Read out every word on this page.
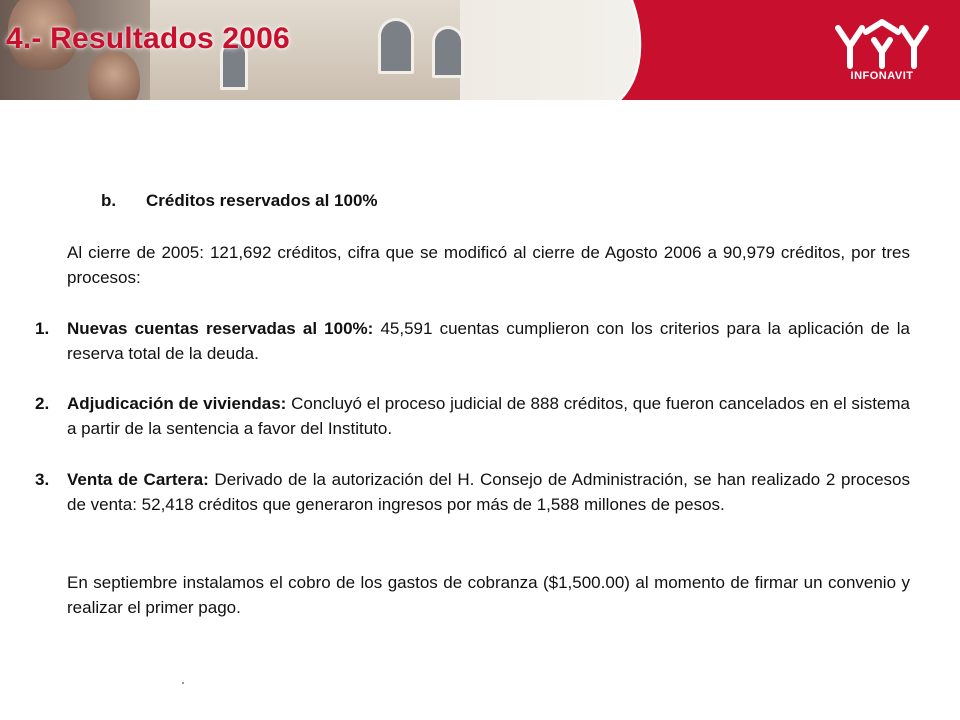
4.- Resultados 2006
INFONAVIT
b. Créditos reservados al 100%

Al cierre de 2005: 121,692 créditos, cifra que se modificó al cierre de Agosto 2006 a 90,979 créditos, por tres procesos:

1.	Nuevas cuentas reservadas al 100%: 45,591 cuentas cumplieron con los criterios para la aplicación de la reserva total de la deuda.
2.	Adjudicación de viviendas: Concluyó el proceso judicial de 888 créditos, que fueron cancelados en el sistema a partir de la sentencia a favor del Instituto.
3.	Venta de Cartera: Derivado de la autorización del H. Consejo de Administración, se han realizado 2 procesos de venta: 52,418 créditos que generaron ingresos por más de 1,588 millones de pesos.

En septiembre instalamos el cobro de los gastos de cobranza ($1,500.00) al momento de firmar un convenio y realizar el primer pago.
